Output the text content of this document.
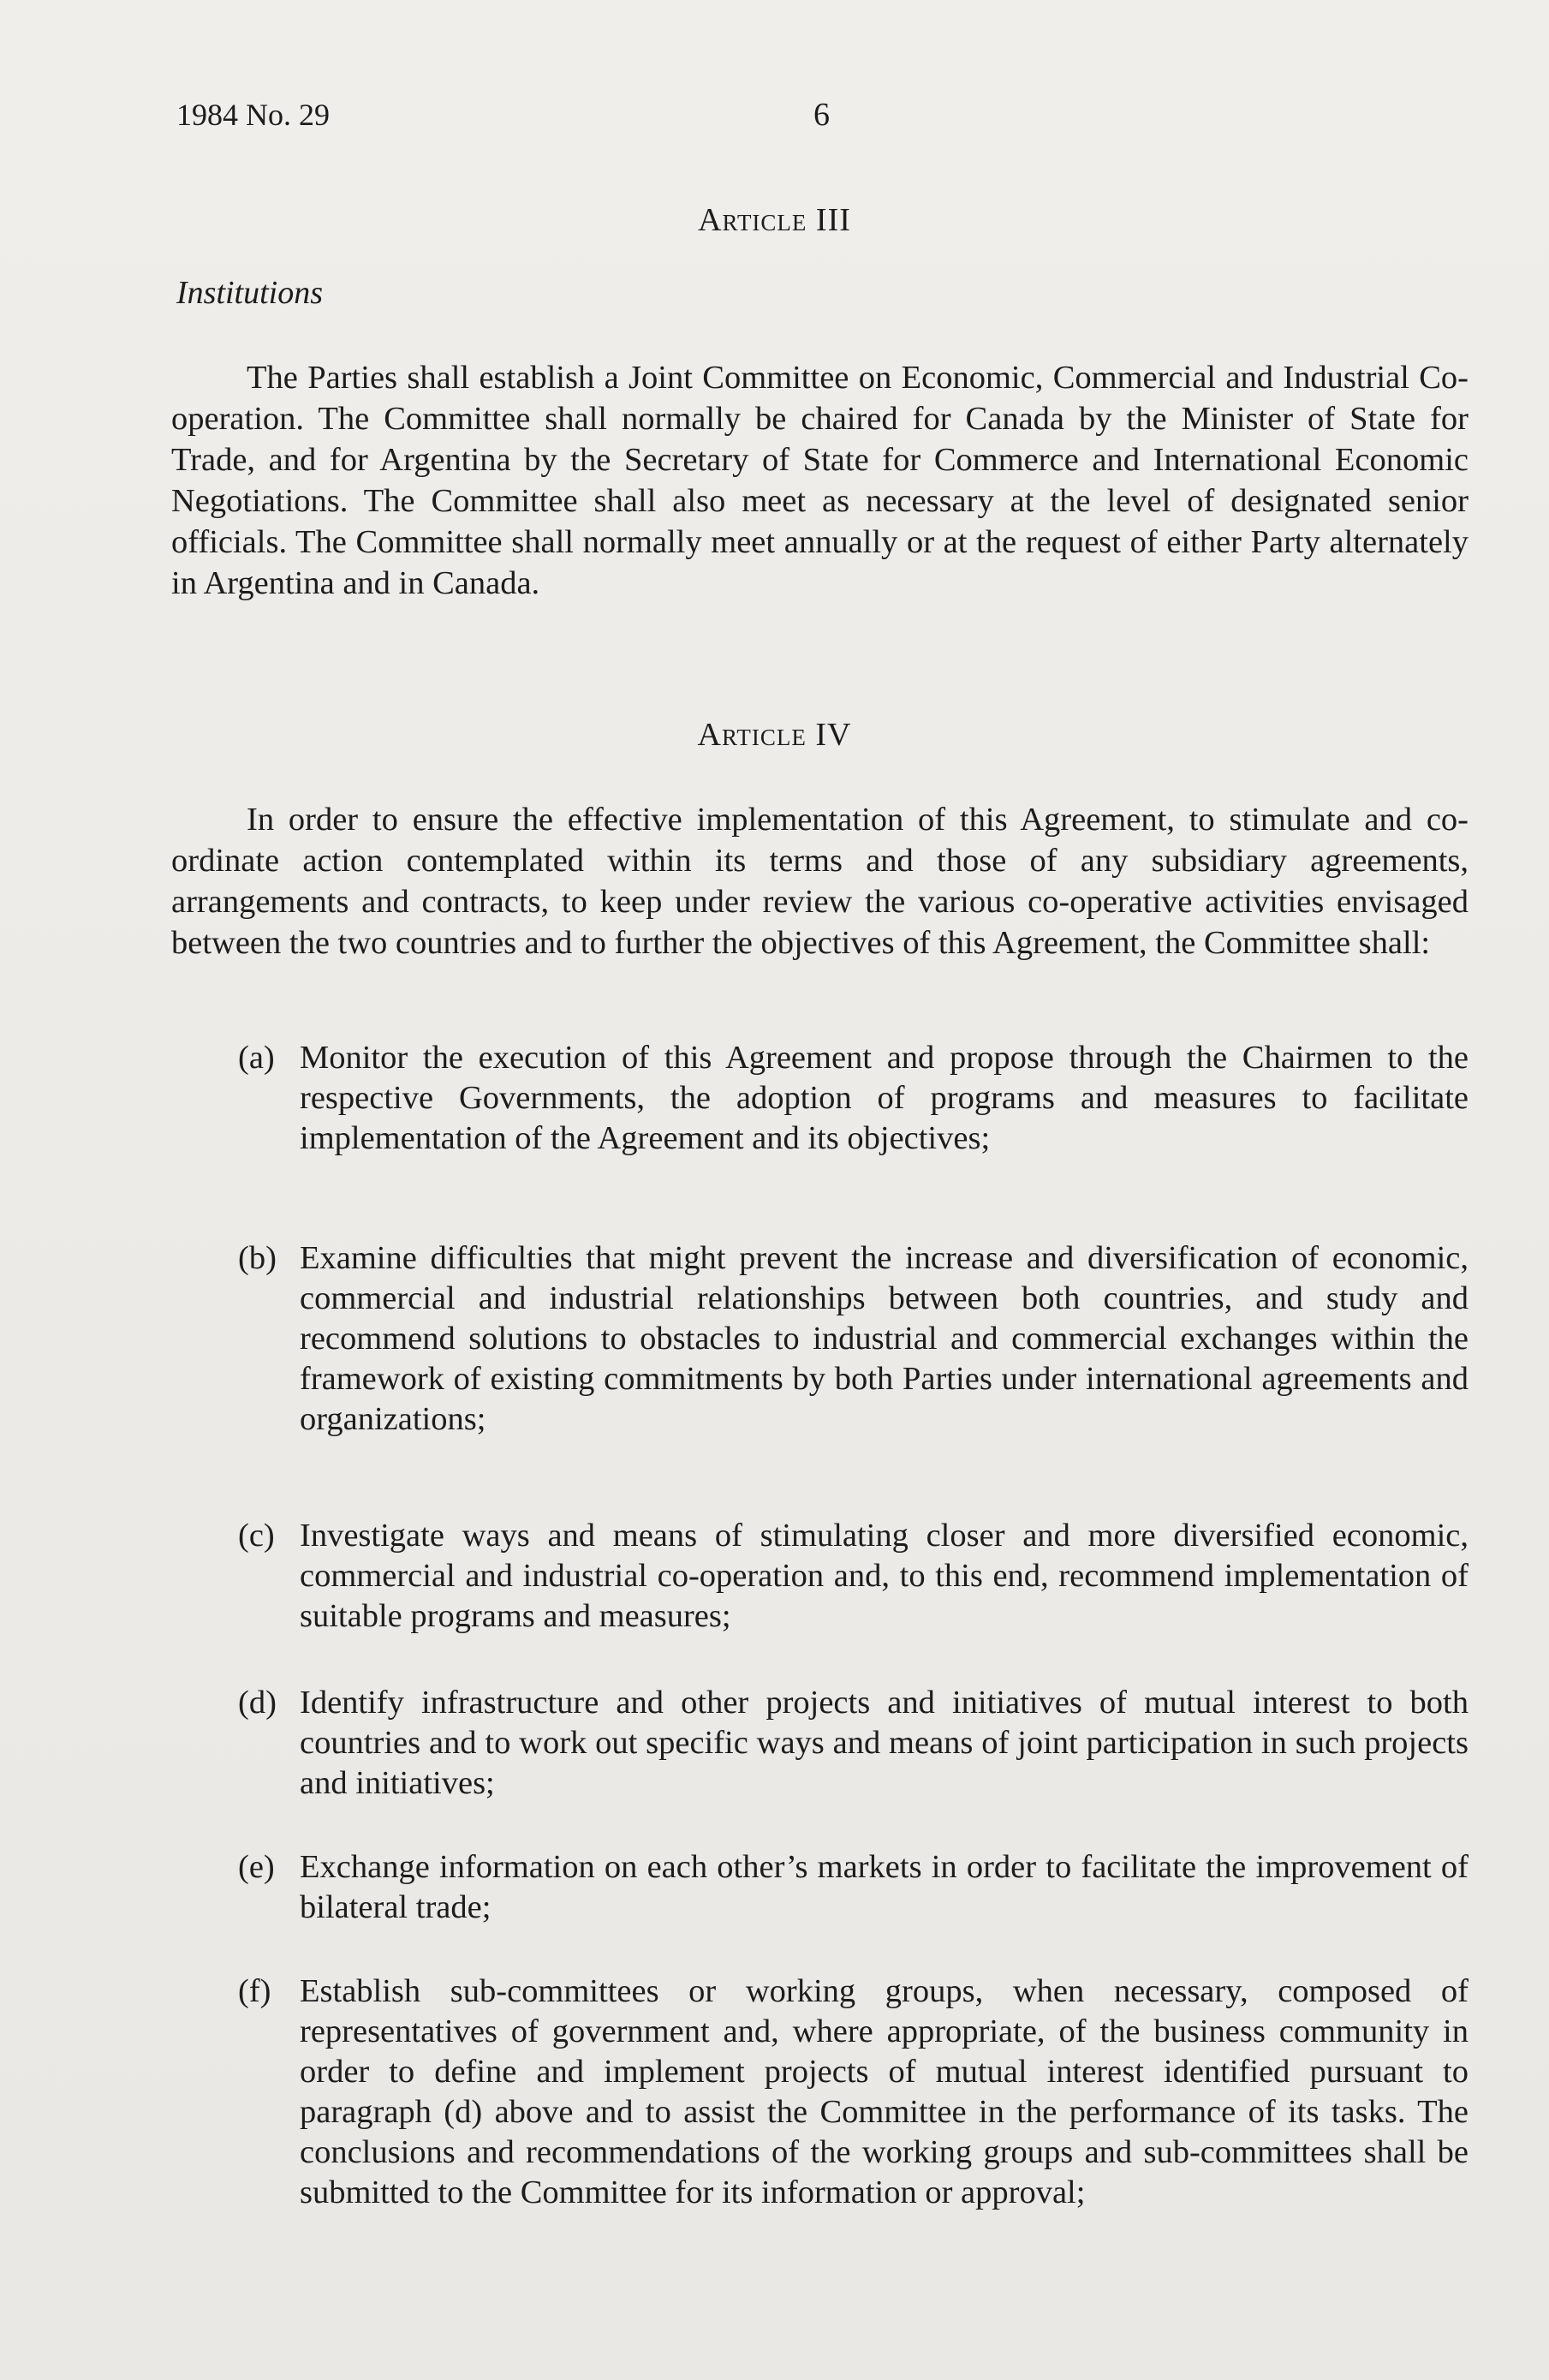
1984 No. 29	6
Article III
Institutions

The Parties shall establish a Joint Committee on Economic, Commercial and Industrial Co-operation. The Committee shall normally be chaired for Canada by the Minister of State for Trade, and for Argentina by the Secretary of State for Commerce and International Economic Negotiations. The Committee shall also meet as necessary at the level of designated senior officials. The Committee shall normally meet annually or at the request of either Party alternately in Argentina and in Canada.

Article IV

In order to ensure the effective implementation of this Agreement, to stimulate and co-ordinate action contemplated within its terms and those of any subsidiary agreements, arrangements and contracts, to keep under review the various co-operative activities envisaged between the two countries and to further the objectives of this Agreement, the Committee shall:

(a) Monitor the execution of this Agreement and propose through the Chairmen to the respective Governments, the adoption of programs and measures to facilitate implementation of the Agreement and its objectives;

(b) Examine difficulties that might prevent the increase and diversification of economic, commercial and industrial relationships between both countries, and study and recommend solutions to obstacles to industrial and commercial exchanges within the framework of existing commitments by both Parties under international agreements and organizations;

(c) Investigate ways and means of stimulating closer and more diversified economic, commercial and industrial co-operation and, to this end, recommend implementation of suitable programs and measures;

(d) Identify infrastructure and other projects and initiatives of mutual interest to both countries and to work out specific ways and means of joint participation in such projects and initiatives;

(e) Exchange information on each other’s markets in order to facilitate the improvement of bilateral trade;

(f) Establish sub-committees or working groups, when necessary, composed of representatives of government and, where appropriate, of the business community in order to define and implement projects of mutual interest identified pursuant to paragraph (d) above and to assist the Committee in the performance of its tasks. The conclusions and recommendations of the working groups and sub-committees shall be submitted to the Committee for its information or approval;
